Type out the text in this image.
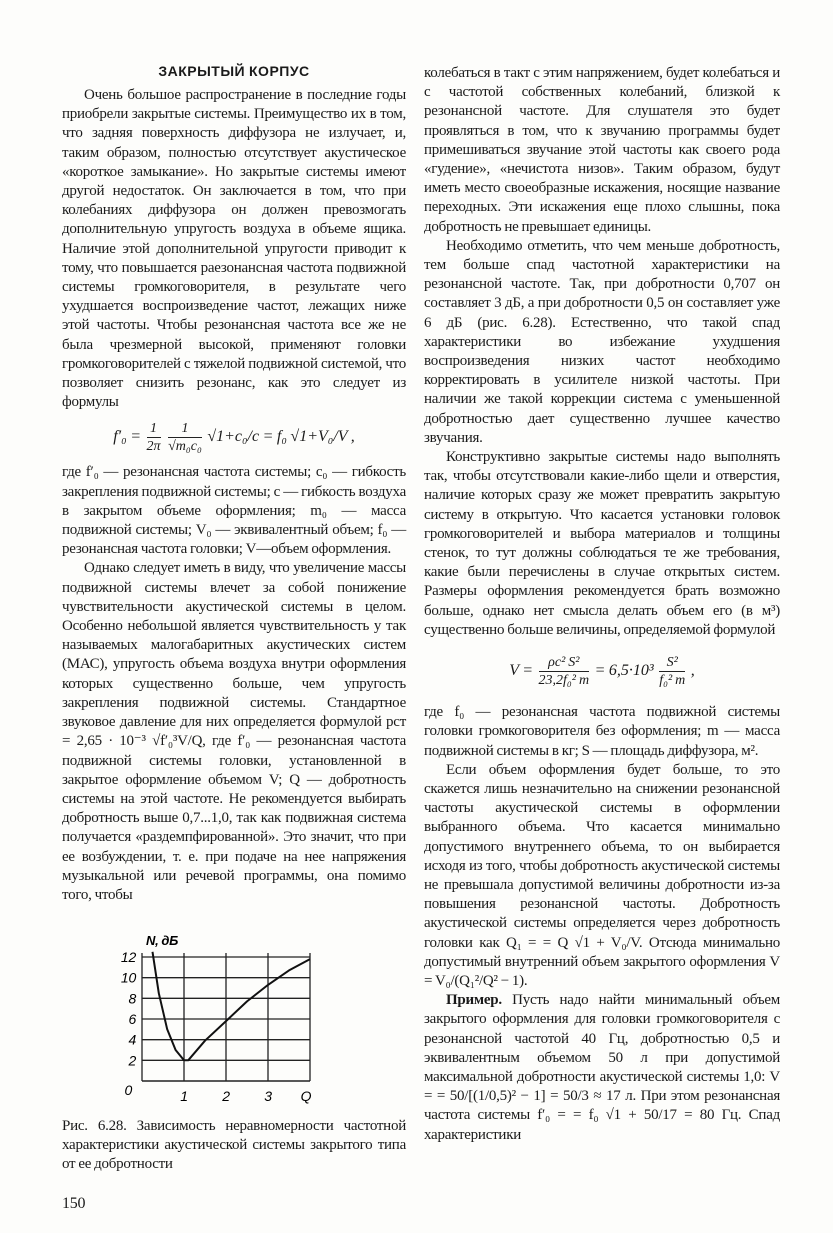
ЗАКРЫТЫЙ КОРПУС

Очень большое распространение в последние годы приобрели закрытые системы. Преимущество их в том, что задняя поверхность диффузора не излучает, и, таким образом, полностью отсутствует акустическое «короткое замыкание». Но закрытые системы имеют другой недостаток. Он заключается в том, что при колебаниях диффузора он должен превозмогать дополнительную упругость воздуха в объеме ящика. Наличие этой дополнительной упругости приводит к тому, что повышается раезонансная частота подвижной системы громкоговорителя, в результате чего ухудшается воспроизведение частот, лежащих ниже этой частоты. Чтобы резонансная частота все же не была чрезмерной высокой, применяют головки громкоговорителей с тяжелой подвижной системой, что позволяет снизить резонанс, как это следует из формулы

$f'_0 = \frac{1}{2\pi}$
$\frac{1}{\text{√m₀c₀}} √1+c_0/c = f_0$ √1+V₀/V ,

где f′₀ — резонансная частота системы; c₀ — гибкость закрепления подвижной системы; c — гибкость воздуха в закрытом объеме оформления; m₀ — масса подвижной системы; V₀ — эквивалентный объем; f₀ — резонансная частота головки; V—объем оформления.

Однако следует иметь в виду, что увеличение массы подвижной системы влечет за собой понижение чувствительности акустической системы в целом. Особенно небольшой является чувствительность у так называемых малогабаритных акустических систем (МАС), упругость объема воздуха внутри оформления которых существенно больше, чем упругость закрепления подвижной системы. Стандартное звуковое давление для них определяется формулой pст = 2,65 · 10⁻³ √f′₀³V/Q, где f′₀ — резонансная частота подвижной системы головки, установленной в закрытое оформление объемом V; Q — добротность системы на этой частоте. Не рекомендуется выбирать добротность выше 0,7...1,0, так как подвижная система получается «раздемпфированной». Это значит, что при ее возбуждении, т. е. при подаче на нее напряжения музыкальной или речевой программы, она помимо того, чтобы

2
4
6
8
10
12
0	1 2 3 Q
N, дБ
Рис. 6.28. Зависимость неравномерности частотной характеристики акустической системы закрытого типа от ее добротности
150

колебаться в такт с этим напряжением, будет колебаться и с частотой собственных колебаний, близкой к резонансной частоте. Для слушателя это будет проявляться в том, что к звучанию программы будет примешиваться звучание этой частоты как своего рода «гудение», «нечистота низов». Таким образом, будут иметь место своеобразные искажения, носящие название переходных. Эти искажения еще плохо слышны, пока добротность не превышает единицы.

Необходимо отметить, что чем меньше добротность, тем больше спад частотной характеристики на резонансной частоте. Так, при добротности 0,707 он составляет 3 дБ, а при добротности 0,5 он составляет уже 6 дБ (рис. 6.28). Естественно, что такой спад характеристики во избежание ухудшения воспроизведения низких частот необходимо корректировать в усилителе низкой частоты. При наличии же такой коррекции система с уменьшенной добротностью дает существенно лучшее качество звучания.

Конструктивно закрытые системы надо выполнять так, чтобы отсутствовали какие-либо щели и отверстия, наличие которых сразу же может превратить закрытую систему в открытую. Что касается установки головок громкоговорителей и выбора материалов и толщины стенок, то тут должны соблюдаться те же требования, какие были перечислены в случае открытых систем. Размеры оформления рекомендуется брать возможно больше, однако нет смысла делать объем его (в м³) существенно больше величины, определяемой формулой

$V = \frac{\text{ρc² S²}}{\text{23,2f₀² m}} = 6,5\cdot 10^3 \frac{\text{S²}}{\text{f₀² m}}$ ,

где f₀ — резонансная частота подвижной системы головки громкоговорителя без оформления; m — масса подвижной системы в кг; S — площадь диффузора, м².

Если объем оформления будет больше, то это скажется лишь незначительно на снижении резонансной частоты акустической системы в оформлении выбранного объема. Что касается минимально допустимого внутреннего объема, то он выбирается исходя из того, чтобы добротность акустической системы не превышала допустимой величины добротности из-за повышения резонансной частоты. Добротность акустической системы определяется через добротность головки как Q₁ = = Q √1 + V₀/V. Отсюда минимально допустимый внутренний объем закрытого оформления V = V₀/(Q₁²/Q² − 1).

Пример. Пусть надо найти минимальный объем закрытого оформления для головки громкоговорителя с резонансной частотой 40 Гц, добротностью 0,5 и эквивалентным объемом 50 л при допустимой максимальной добротности акустической системы 1,0: V = = 50/[(1/0,5)² − 1] = 50/3 ≈ 17 л. При этом резонансная частота системы f′₀ = = f₀ √1 + 50/17 = 80 Гц. Спад характеристики
